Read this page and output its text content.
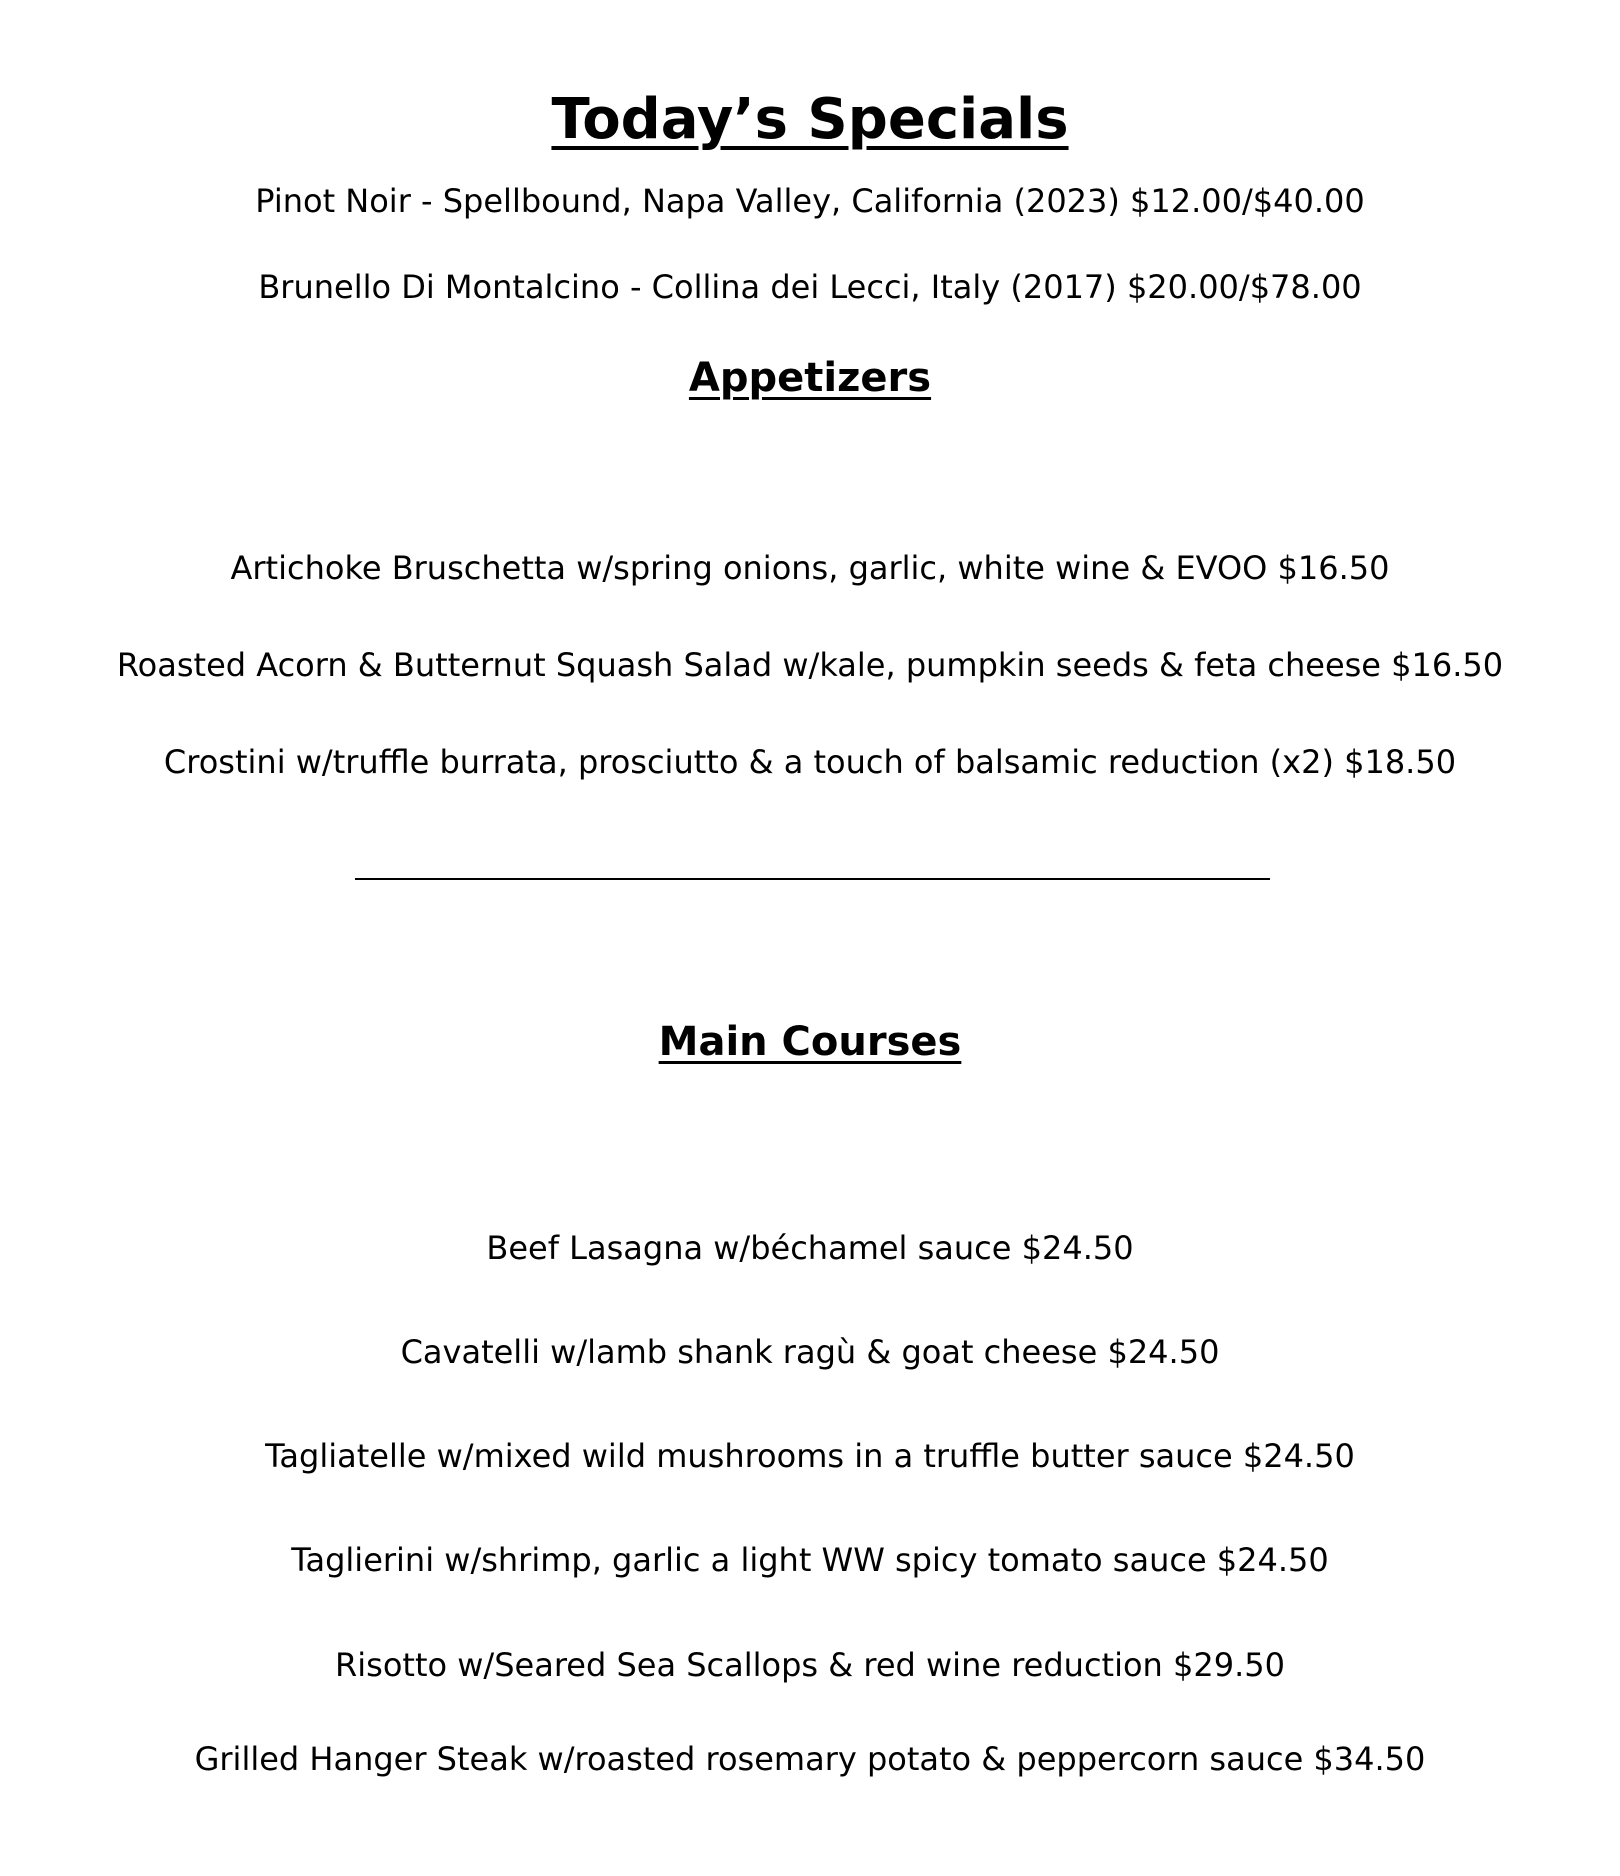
Today’s Specials
Pinot Noir - Spellbound, Napa Valley, California (2023) $12.00/$40.00
Brunello Di Montalcino - Collina dei Lecci, Italy (2017) $20.00/$78.00
Appetizers
Artichoke Bruschetta w/spring onions, garlic, white wine & EVOO $16.50
Roasted Acorn & Butternut Squash Salad w/kale, pumpkin seeds & feta cheese $16.50
Crostini w/truffle burrata, prosciutto & a touch of balsamic reduction (x2) $18.50
Main Courses
Beef Lasagna w/béchamel sauce $24.50
Cavatelli w/lamb shank ragù & goat cheese $24.50
Tagliatelle w/mixed wild mushrooms in a truffle butter sauce $24.50
Taglierini w/shrimp, garlic a light WW spicy tomato sauce $24.50
Risotto w/Seared Sea Scallops & red wine reduction $29.50
Grilled Hanger Steak w/roasted rosemary potato & peppercorn sauce $34.50
